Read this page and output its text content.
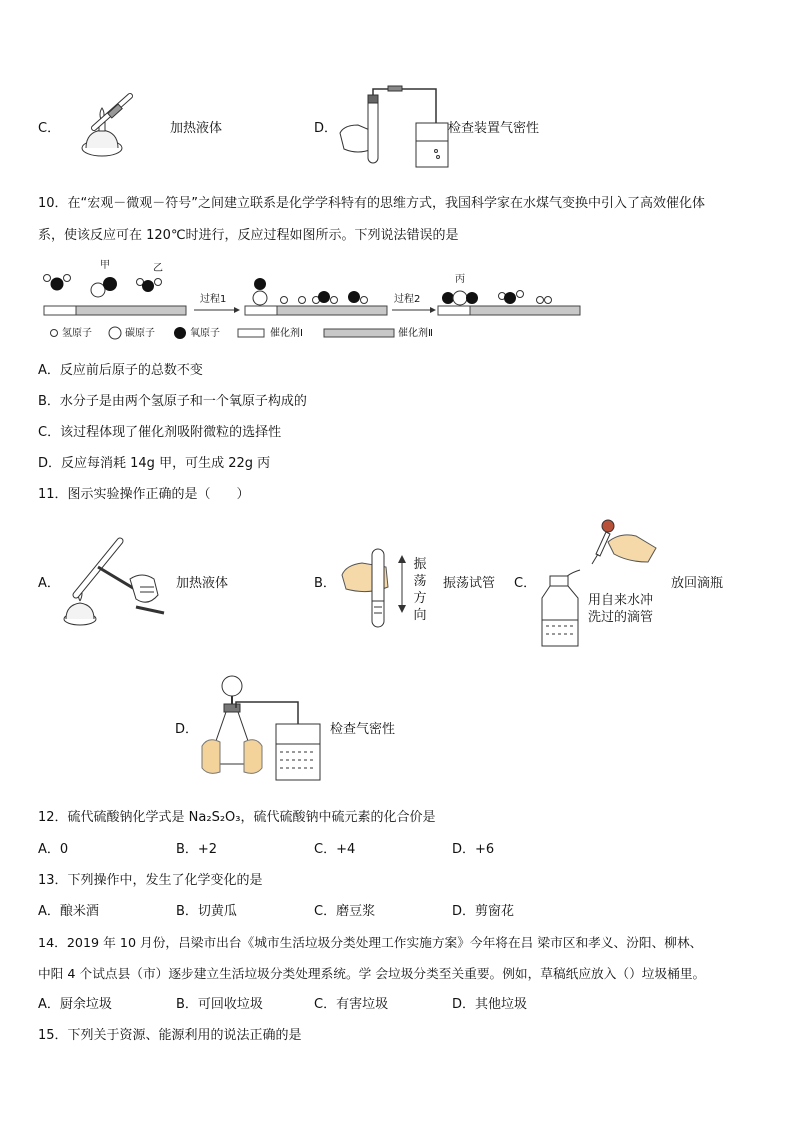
C．	加热液体	D．	检查装置气密性
10．在“宏观－微观－符号”之间建立联系是化学学科特有的思维方式，我国科学家在水煤气变换中引入了高效催化体
系，使该反应可在 120℃时进行，反应过程如图所示。下列说法错误的是
甲	乙
丙
过程1	过程2
氢原子	碳原子	氧原子	催化剂Ⅰ	催化剂Ⅱ
A．反应前后原子的总数不变
B．水分子是由两个氢原子和一个氧原子构成的
C．该过程体现了催化剂吸附微粒的选择性
D．反应每消耗 14g 甲，可生成 22g 丙
11．图示实验操作正确的是（　　）
A．	加热液体	B．
振
荡
方
向
振荡试管 C．	放回滴瓶
用自来水冲
洗过的滴管
D．	检查气密性
12．硫代硫酸钠化学式是 Na₂S₂O₃，硫代硫酸钠中硫元素的化合价是
A．0	B．+2	C．+4	D．+6
13．下列操作中，发生了化学变化的是
A．酿米酒	B．切黄瓜	C．磨豆浆	D．剪窗花
14．2019 年 10 月份，吕梁市出台《城市生活垃圾分类处理工作实施方案》今年将在吕 梁市区和孝义、汾阳、柳林、
中阳 4 个试点县（市）逐步建立生活垃圾分类处理系统。学 会垃圾分类至关重要。例如，草稿纸应放入（）垃圾桶里。
A．厨余垃圾	B．可回收垃圾	C．有害垃圾	D．其他垃圾
15．下列关于资源、能源利用的说法正确的是
